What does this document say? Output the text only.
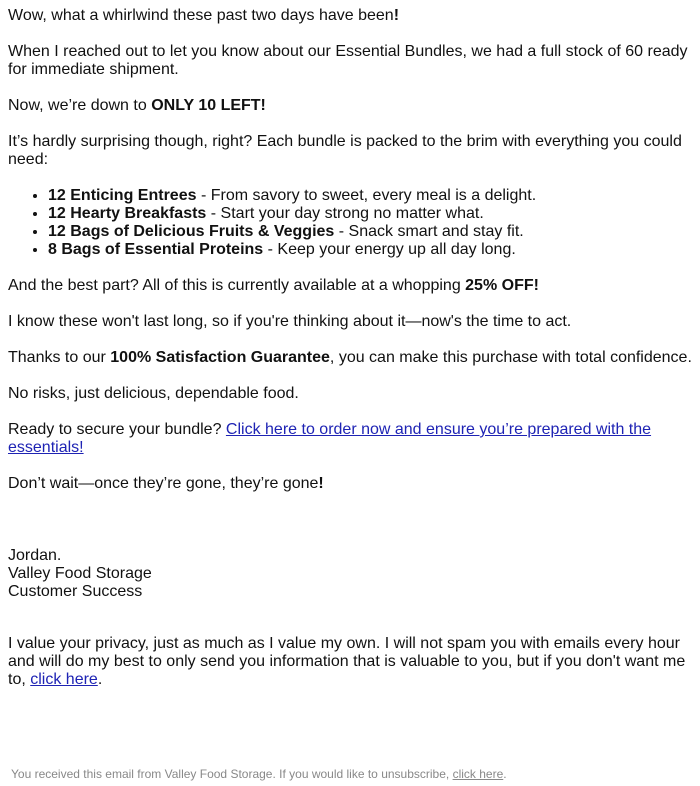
Wow, what a whirlwind these past two days have been!

When I reached out to let you know about our Essential Bundles, we had a full stock of 60 ready for immediate shipment.

Now, we’re down to ONLY 10 LEFT!

It’s hardly surprising though, right? Each bundle is packed to the brim with everything you could need:

• 12 Enticing Entrees - From savory to sweet, every meal is a delight.
• 12 Hearty Breakfasts - Start your day strong no matter what.
• 12 Bags of Delicious Fruits & Veggies - Snack smart and stay fit.
• 8 Bags of Essential Proteins - Keep your energy up all day long.

And the best part? All of this is currently available at a whopping 25% OFF!

I know these won't last long, so if you're thinking about it—now's the time to act.

Thanks to our 100% Satisfaction Guarantee, you can make this purchase with total confidence.

No risks, just delicious, dependable food.

Ready to secure your bundle? Click here to order now and ensure you’re prepared with the essentials!

Don’t wait—once they’re gone, they’re gone!

Jordan.

Valley Food Storage

Customer Success

I value your privacy, just as much as I value my own. I will not spam you with emails every hour and will do my best to only send you information that is valuable to you, but if you don't want me to, click here.

You received this email from Valley Food Storage. If you would like to unsubscribe, click here.
